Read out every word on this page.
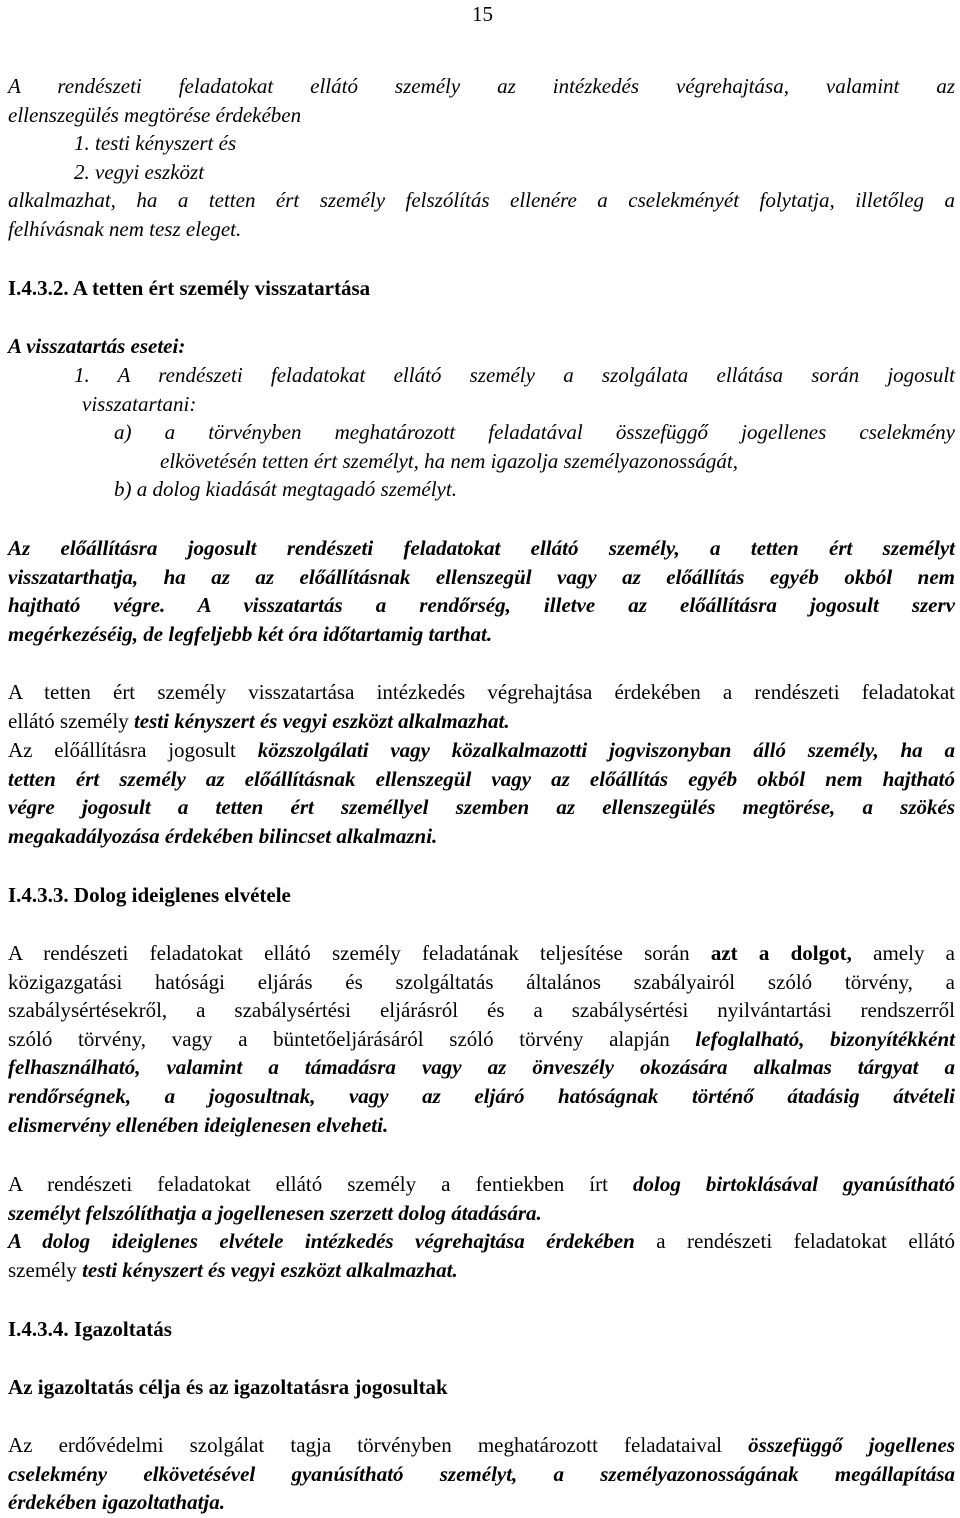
15
A rendészeti feladatokat ellátó személy az intézkedés végrehajtása, valamint az
ellenszegülés megtörése érdekében
1. testi kényszert és
2. vegyi eszközt
alkalmazhat, ha a tetten ért személy felszólítás ellenére a cselekményét folytatja, illetőleg a
felhívásnak nem tesz eleget.
I.4.3.2. A tetten ért személy visszatartása
A visszatartás esetei:
1. A rendészeti feladatokat ellátó személy a szolgálata ellátása során jogosult
visszatartani:
a) a törvényben meghatározott feladatával összefüggő jogellenes cselekmény
elkövetésén tetten ért személyt, ha nem igazolja személyazonosságát,
b) a dolog kiadását megtagadó személyt.
Az előállításra jogosult rendészeti feladatokat ellátó személy, a tetten ért személyt
visszatarthatja, ha az az előállításnak ellenszegül vagy az előállítás egyéb okból nem
hajtható végre. A visszatartás a rendőrség, illetve az előállításra jogosult szerv
megérkezéséig, de legfeljebb két óra időtartamig tarthat.
A tetten ért személy visszatartása intézkedés végrehajtása érdekében a rendészeti feladatokat
ellátó személy testi kényszert és vegyi eszközt alkalmazhat.
Az előállításra jogosult közszolgálati vagy közalkalmazotti jogviszonyban álló személy, ha a
tetten ért személy az előállításnak ellenszegül vagy az előállítás egyéb okból nem hajtható
végre jogosult a tetten ért személlyel szemben az ellenszegülés megtörése, a szökés
megakadályozása érdekében bilincset alkalmazni.
I.4.3.3. Dolog ideiglenes elvétele
A rendészeti feladatokat ellátó személy feladatának teljesítése során azt a dolgot, amely a
közigazgatási hatósági eljárás és szolgáltatás általános szabályairól szóló törvény, a
szabálysértésekről, a szabálysértési eljárásról és a szabálysértési nyilvántartási rendszerről
szóló törvény, vagy a büntetőeljárásáról szóló törvény alapján lefoglalható, bizonyítékként
felhasználható, valamint a támadásra vagy az önveszély okozására alkalmas tárgyat a
rendőrségnek, a jogosultnak, vagy az eljáró hatóságnak történő átadásig átvételi
elismervény ellenében ideiglenesen elveheti.
A rendészeti feladatokat ellátó személy a fentiekben írt dolog birtoklásával gyanúsítható
személyt felszólíthatja a jogellenesen szerzett dolog átadására.
A dolog ideiglenes elvétele intézkedés végrehajtása érdekében a rendészeti feladatokat ellátó
személy testi kényszert és vegyi eszközt alkalmazhat.
I.4.3.4. Igazoltatás
Az igazoltatás célja és az igazoltatásra jogosultak
Az erdővédelmi szolgálat tagja törvényben meghatározott feladataival összefüggő jogellenes
cselekmény elkövetésével gyanúsítható személyt, a személyazonosságának megállapítása
érdekében igazoltathatja.
